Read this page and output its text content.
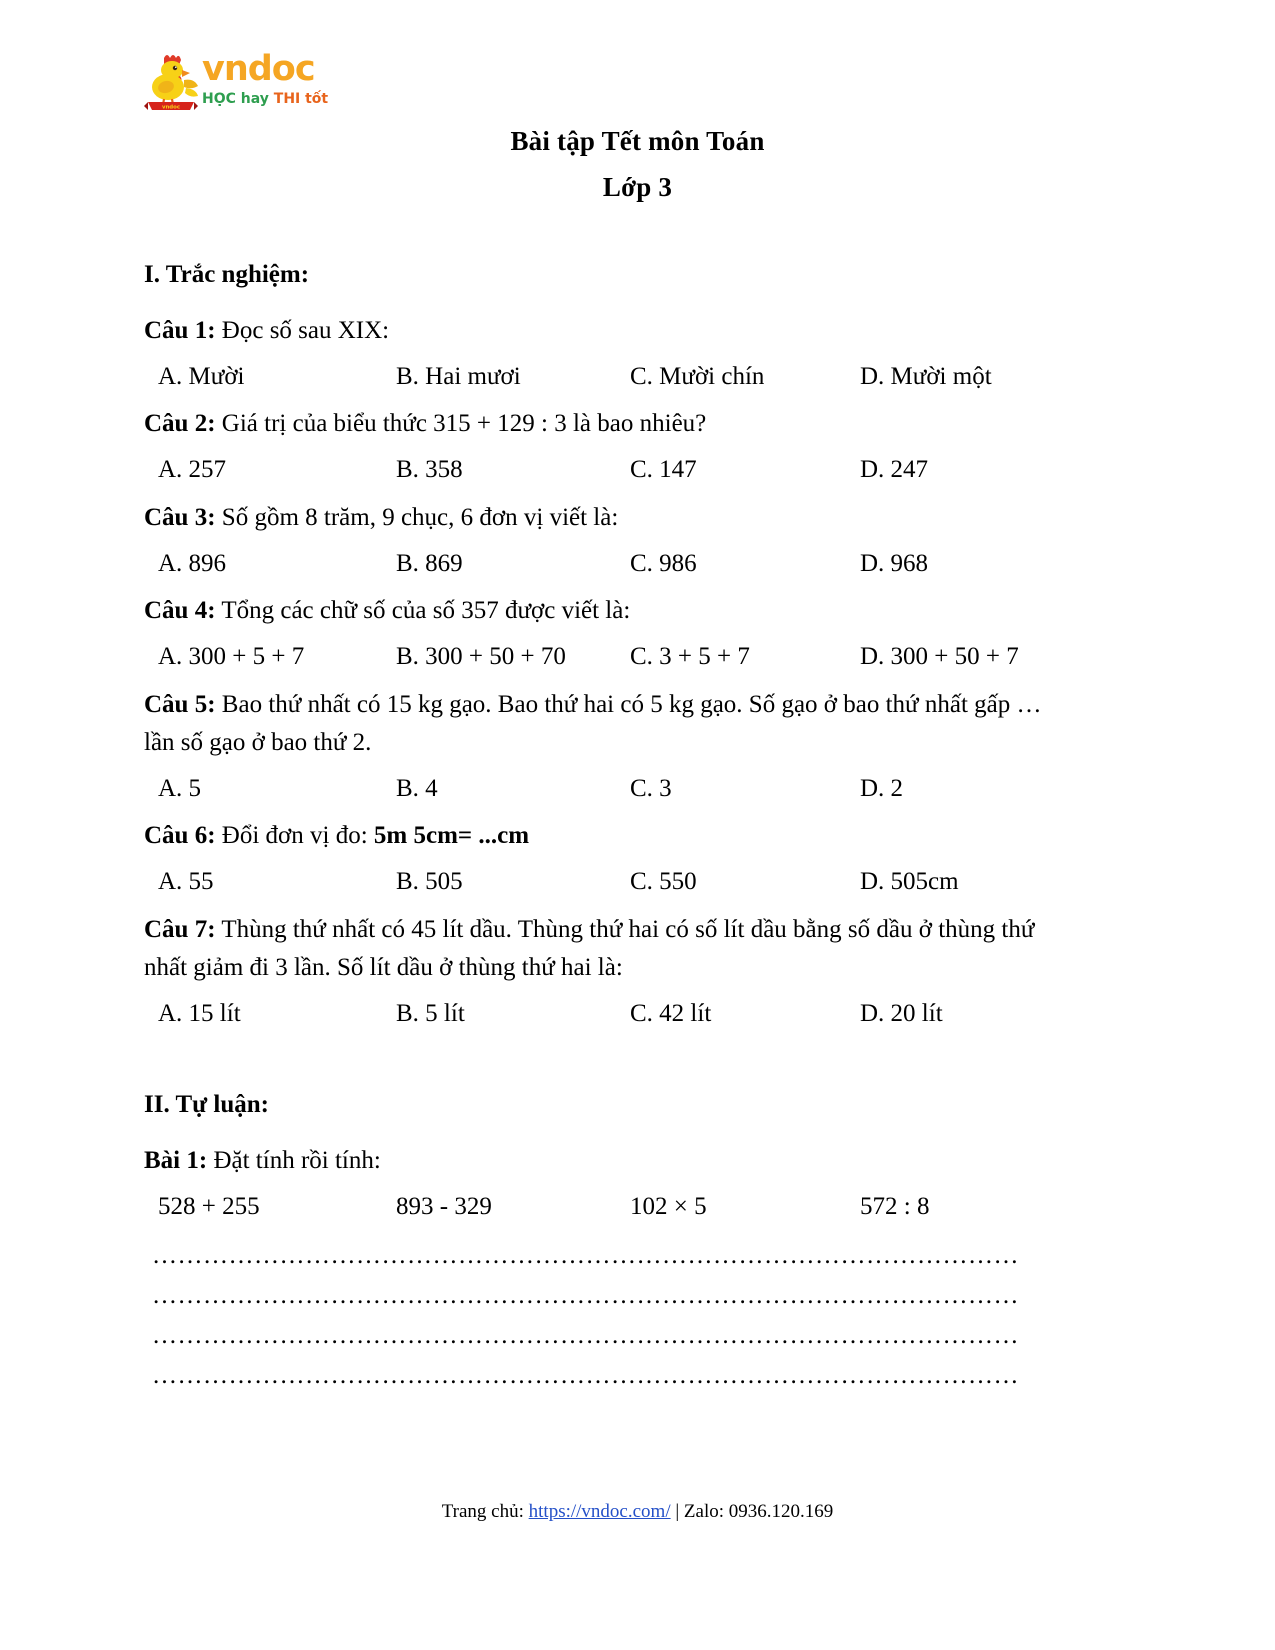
vndoc
vndoc
HỌC hay THI tốt
Bài tập Tết môn Toán
Lớp 3
I. Trắc nghiệm:

Câu 1: Đọc số sau XIX:

A. Mười	B. Hai mươi	C. Mười chín	D. Mười một

Câu 2: Giá trị của biểu thức 315 + 129 : 3 là bao nhiêu?

A. 257	B. 358	C. 147	D. 247

Câu 3: Số gồm 8 trăm, 9 chục, 6 đơn vị viết là:

A. 896	B. 869	C. 986	D. 968

Câu 4: Tổng các chữ số của số 357 được viết là:

A. 300 + 5 + 7	B. 300 + 50 + 70	C. 3 + 5 + 7	D. 300 + 50 + 7

Câu 5: Bao thứ nhất có 15 kg gạo. Bao thứ hai có 5 kg gạo. Số gạo ở bao thứ nhất gấp … lần số gạo ở bao thứ 2.

A. 5	B. 4	C. 3	D. 2

Câu 6: Đổi đơn vị đo: 5m 5cm= ...cm

A. 55	B. 505	C. 550	D. 505cm

Câu 7: Thùng thứ nhất có 45 lít dầu. Thùng thứ hai có số lít dầu bằng số dầu ở thùng thứ nhất giảm đi 3 lần. Số lít dầu ở thùng thứ hai là:

A. 15 lít	B. 5 lít	C. 42 lít	D. 20 lít
II. Tự luận:

Bài 1: Đặt tính rồi tính:

528 + 255	893 - 329	102 × 5	572 : 8
…………………………………………………………………………………………
…………………………………………………………………………………………
…………………………………………………………………………………………
…………………………………………………………………………………………
Trang chủ: https://vndoc.com/ | Zalo: 0936.120.169
